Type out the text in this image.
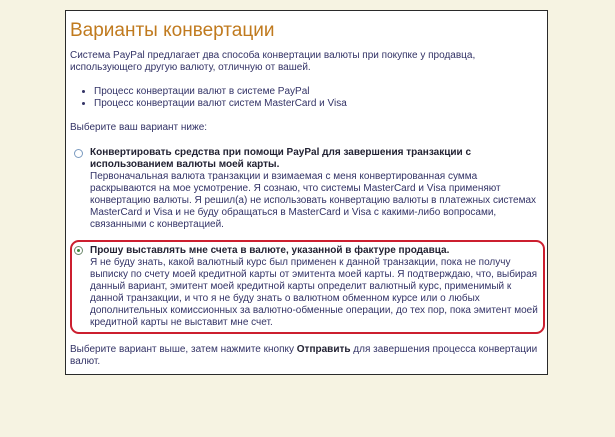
Варианты конвертации

Система PayPal предлагает два способа конвертации валюты при покупке у продавца, использующего другую валюту, отличную от вашей.

• Процесс конвертации валют в системе PayPal
• Процесс конвертации валют систем MasterCard и Visa

Выберите ваш вариант ниже:

Конвертировать средства при помощи PayPal для завершения транзакции с использованием валюты моей карты.
Первоначальная валюта транзакции и взимаемая с меня конвертированная сумма раскрываются на мое усмотрение. Я сознаю, что системы MasterCard и Visa применяют конвертацию валюты. Я решил(а) не использовать конвертацию валюты в платежных системах MasterCard и Visa и не буду обращаться в MasterCard и Visa с какими-либо вопросами, связанными с конвертацией.
Прошу выставлять мне счета в валюте, указанной в фактуре продавца.
Я не буду знать, какой валютный курс был применен к данной транзакции, пока не получу выписку по счету моей кредитной карты от эмитента моей карты. Я подтверждаю, что, выбирая данный вариант, эмитент моей кредитной карты определит валютный курс, применимый к данной транзакции, и что я не буду знать о валютном обменном курсе или о любых дополнительных комиссионных за валютно-обменные операции, до тех пор, пока эмитент моей кредитной карты не выставит мне счет.

Выберите вариант выше, затем нажмите кнопку Отправить для завершения процесса конвертации валют.
